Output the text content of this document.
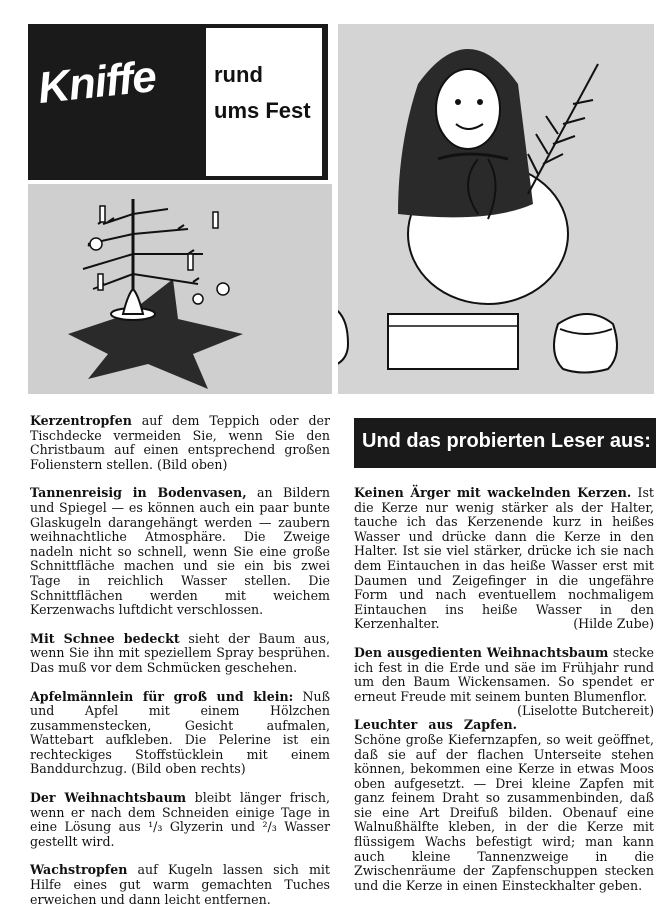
Kniffe	rund
ums Fest

Kerzentropfen auf dem Teppich oder der Tischdecke vermeiden Sie, wenn Sie den Christbaum auf einen entsprechend großen Folienstern stellen. (Bild oben)

Tannenreisig in Bodenvasen, an Bildern und Spiegel — es können auch ein paar bunte Glaskugeln darangehängt werden — zaubern weihnachtliche Atmosphäre. Die Zweige nadeln nicht so schnell, wenn Sie eine große Schnittfläche machen und sie ein bis zwei Tage in reichlich Wasser stellen. Die Schnittflächen werden mit weichem Kerzenwachs luftdicht verschlossen.

Mit Schnee bedeckt sieht der Baum aus, wenn Sie ihn mit speziellem Spray besprühen. Das muß vor dem Schmücken geschehen.

Apfelmännlein für groß und klein: Nuß und Apfel mit einem Hölzchen zusammenstecken, Gesicht aufmalen, Wattebart aufkleben. Die Pelerine ist ein rechteckiges Stoffstücklein mit einem Banddurchzug. (Bild oben rechts)

Der Weihnachtsbaum bleibt länger frisch, wenn er nach dem Schneiden einige Tage in eine Lösung aus ¹/₃ Glyzerin und ²/₃ Wasser gestellt wird.

Wachstropfen auf Kugeln lassen sich mit Hilfe eines gut warm gemachten Tuches erweichen und dann leicht entfernen.

Und das probierten Leser aus:

Keinen Ärger mit wackelnden Kerzen. Ist die Kerze nur wenig stärker als der Halter, tauche ich das Kerzenende kurz in heißes Wasser und drücke dann die Kerze in den Halter. Ist sie viel stärker, drücke ich sie nach dem Eintauchen in das heiße Wasser erst mit Daumen und Zeigefinger in die ungefähre Form und nach eventuellem nochmaligem Eintauchen ins heiße Wasser in den Kerzenhalter.	(Hilde Zube)

Den ausgedienten Weihnachtsbaum stecke ich fest in die Erde und säe im Frühjahr rund um den Baum Wickensamen. So spendet er erneut Freude mit seinem bunten Blumenflor.
(Liselotte Butchereit)

Leuchter aus Zapfen. Schöne große Kiefernzapfen, so weit geöffnet, daß sie auf der flachen Unterseite stehen können, bekommen eine Kerze in etwas Moos oben aufgesetzt. — Drei kleine Zapfen mit ganz feinem Draht so zusammenbinden, daß sie eine Art Dreifuß bilden. Obenauf eine Walnußhälfte kleben, in der die Kerze mit flüssigem Wachs befestigt wird; man kann auch kleine Tannenzweige in die Zwischenräume der Zapfenschuppen stecken und die Kerze in einen Einsteckhalter geben.
